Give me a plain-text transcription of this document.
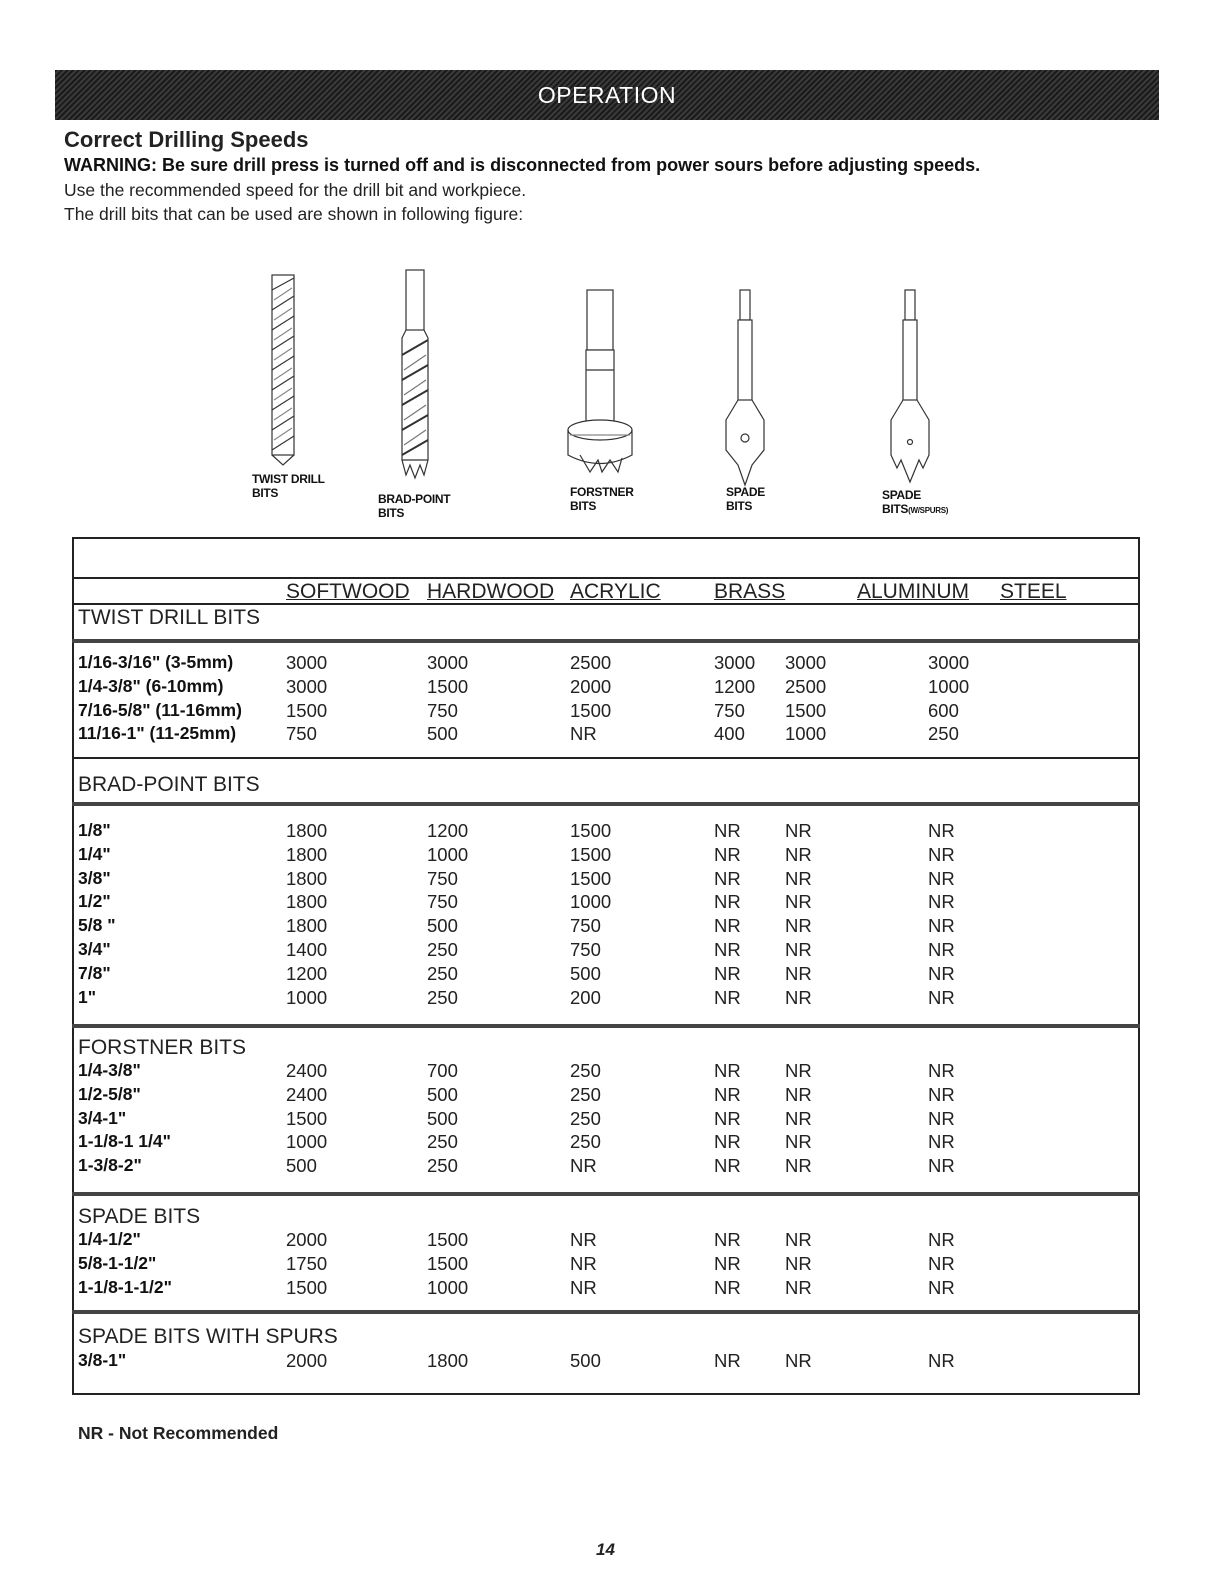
OPERATION
Correct Drilling Speeds
WARNING: Be sure drill press is turned off and is disconnected from power sours before adjusting speeds.
Use the recommended speed for the drill bit and workpiece.
The drill bits that can be used are shown in following figure:
TWIST DRILL
BITS	BRAD-POINT
BITS
FORSTNER
BITS
SPADE
BITS
SPADE
BITS(W/SPURS)
SOFTWOOD HARDWOOD ACRYLIC	BRASS	ALUMINUM STEEL
TWIST DRILL BITS
BRAD-POINT BITS
FORSTNER BITS
SPADE BITS
SPADE BITS WITH SPURS
1/16-3/16" (3-5mm)	3000	3000	2500	3000 3000	3000
1/4-3/8" (6-10mm)	3000	1500	2000	1200 2500	1000
7/16-5/8" (11-16mm) 1500	750	1500	750 1500	600
11/16-1" (11-25mm)	750	500	NR	400 1000	250
1/8"	1800	1200	1500	NR NR	NR
1/4"	1800	1000	1500	NR NR	NR
3/8"	1800	750	1500	NR NR	NR
1/2"	1800	750	1000	NR NR	NR
5/8 "	1800	500	750	NR NR	NR
3/4"	1400	250	750	NR NR	NR
7/8"	1200	250	500	NR NR	NR
1"	1000	250	200	NR NR	NR
1/4-3/8"	2400	700	250	NR NR	NR
1/2-5/8"	2400	500	250	NR NR	NR
3/4-1"	1500	500	250	NR NR	NR
1-1/8-1 1/4"	1000	250	250	NR NR	NR
1-3/8-2"	500	250	NR	NR NR	NR
1/4-1/2"	2000	1500	NR	NR NR	NR
5/8-1-1/2"	1750	1500	NR	NR NR	NR
1-1/8-1-1/2"	1500	1000	NR	NR NR	NR
3/8-1"	2000	1800	500	NR NR	NR
NR - Not Recommended
14
